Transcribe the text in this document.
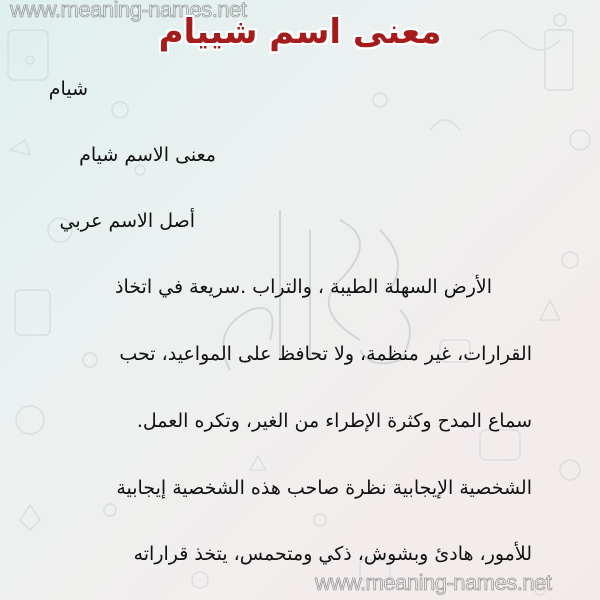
www.meaning-names.net
معنى اسم شييام
شيام
معنى الاسم شيام
أصل الاسم عربي
الأرض السهلة الطيبة ، والتراب .سريعة في اتخاذ
القرارات، غير منظمة، ولا تحافظ على المواعيد، تحب
سماع المدح وكثرة الإطراء من الغير، وتكره العمل.
الشخصية الإيجابية نظرة صاحب هذه الشخصية إيجابية
للأمور، هادئ وبشوش، ذكي ومتحمس، يتخذ قراراته
www.meaning-names.net
